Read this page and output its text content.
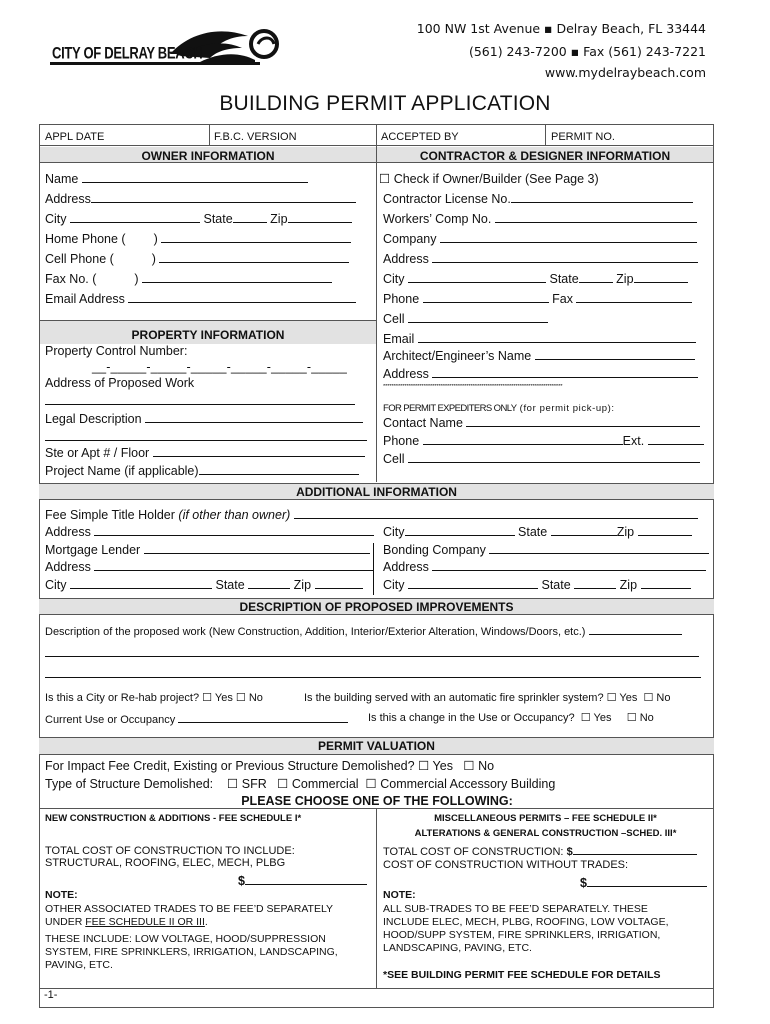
CITY OF DELRAY BEACH
100 NW 1st Avenue ▪ Delray Beach, FL 33444
(561) 243-7200 ▪ Fax (561) 243-7221
www.mydelraybeach.com
BUILDING PERMIT APPLICATION
APPL DATE	F.B.C. VERSION	ACCEPTED BY	PERMIT NO.
OWNER INFORMATION	CONTRACTOR & DESIGNER INFORMATION
Name
Address
City	State	Zip
Home Phone ( )
Cell Phone (	)
Fax No. (	)
Email Address
☐ Check if Owner/Builder (See Page 3)
Contractor License No.
Workers’ Comp No.
Company
Address
City	State	Zip
Phone	Fax
Cell
Email
Architect/Engineer’s Name
Address
************************************************************************************
FOR PERMIT EXPEDITERS ONLY (for permit pick-up):
Contact Name
Phone	Ext.
Cell
PROPERTY INFORMATION
Property Control Number:
__-_____-_____-_____-_____-_____-_____
Address of Proposed Work
Legal Description
Ste or Apt # / Floor
Project Name (if applicable)
ADDITIONAL INFORMATION
Fee Simple Title Holder (if other than owner)
Address	City	State	Zip
Mortgage Lender	Bonding Company
Address	Address
City	State	Zip	City	State	Zip
DESCRIPTION OF PROPOSED IMPROVEMENTS
Description of the proposed work (New Construction, Addition, Interior/Exterior Alteration, Windows/Doors, etc.)
Is this a City or Re-hab project? ☐ Yes ☐ No	Is the building served with an automatic fire sprinkler system? ☐ Yes ☐ No
Current Use or Occupancy	Is this a change in the Use or Occupancy? ☐ Yes ☐ No
PERMIT VALUATION
For Impact Fee Credit, Existing or Previous Structure Demolished? ☐ Yes ☐ No
Type of Structure Demolished: ☐ SFR ☐ Commercial ☐ Commercial Accessory Building
PLEASE CHOOSE ONE OF THE FOLLOWING:
NEW CONSTRUCTION & ADDITIONS - FEE SCHEDULE I*
TOTAL COST OF CONSTRUCTION TO INCLUDE:
STRUCTURAL, ROOFING, ELEC, MECH, PLBG
$
NOTE:
OTHER ASSOCIATED TRADES TO BE FEE’D SEPARATELY
UNDER FEE SCHEDULE II OR III.
THESE INCLUDE: LOW VOLTAGE, HOOD/SUPPRESSION
SYSTEM, FIRE SPRINKLERS, IRRIGATION, LANDSCAPING,
PAVING, ETC.
MISCELLANEOUS PERMITS – FEE SCHEDULE II*
ALTERATIONS & GENERAL CONSTRUCTION –SCHED. III*
TOTAL COST OF CONSTRUCTION: $
COST OF CONSTRUCTION WITHOUT TRADES:
$
NOTE:
ALL SUB-TRADES TO BE FEE’D SEPARATELY. THESE
INCLUDE ELEC, MECH, PLBG, ROOFING, LOW VOLTAGE,
HOOD/SUPP SYSTEM, FIRE SPRINKLERS, IRRIGATION,
LANDSCAPING, PAVING, ETC.
*SEE BUILDING PERMIT FEE SCHEDULE FOR DETAILS
-1-
